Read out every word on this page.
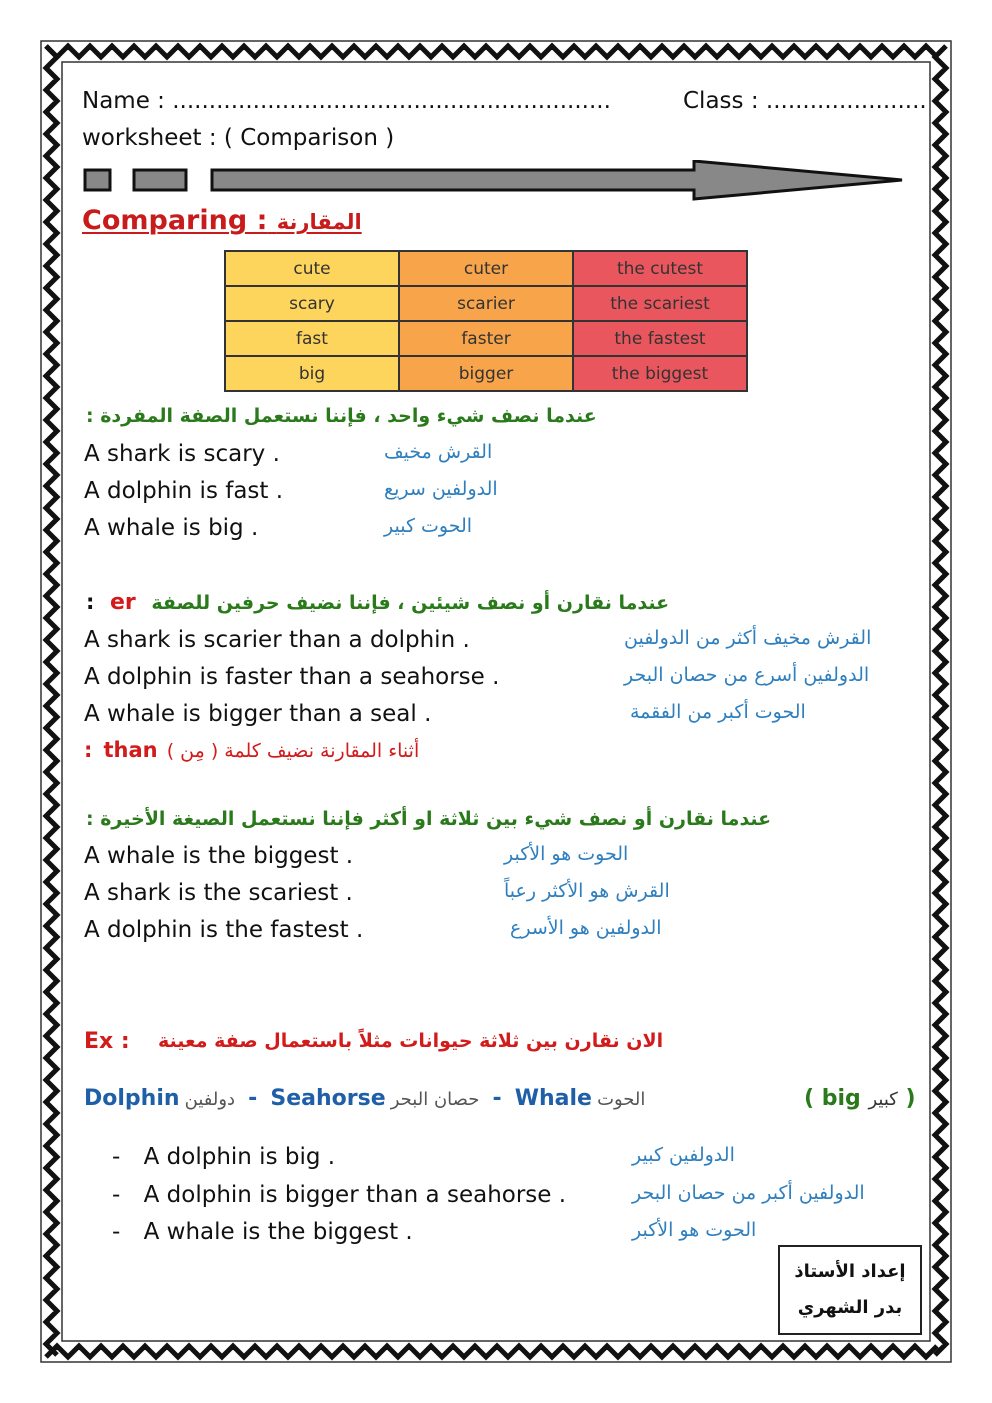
Name : ............................................................	Class : ......................
worksheet : ( Comparison )
Comparing : المقارنة
cute	cuter	the cutest
scary	scarier	the scariest
fast	faster	the fastest
big	bigger	the biggest
عندما نصف شيء واحد ، فإننا نستعمل الصفة المفردة :
A shark is scary .	القرش مخيف
A dolphin is fast .	الدولفين سريع
A whale is big .	الحوت كبير
: er عندما نقارن أو نصف شيئين ، فإننا نضيف حرفين للصفة
A shark is scarier than a dolphin .	القرش مخيف أكثر من الدولفين
A dolphin is faster than a seahorse .	الدولفين أسرع من حصان البحر
A whale is bigger than a seal .	الحوت أكبر من الفقمة
: than أثناء المقارنة نضيف كلمة ( مِن )
عندما نقارن أو نصف شيء بين ثلاثة او أكثر فإننا نستعمل الصيغة الأخيرة :
A whale is the biggest .	الحوت هو الأكبر
A shark is the scariest .	القرش هو الأكثر رعباً
A dolphin is the fastest .	الدولفين هو الأسرع
Ex : الان نقارن بين ثلاثة حيوانات مثلاً باستعمال صفة معينة
Dolphin دولفين - Seahorse حصان البحر - Whale الحوت	( big كبير )
- A dolphin is big .	الدولفين كبير
- A dolphin is bigger than a seahorse .	الدولفين أكبر من حصان البحر
- A whale is the biggest .	الحوت هو الأكبر
إعداد الأستاذ
بدر الشهري
